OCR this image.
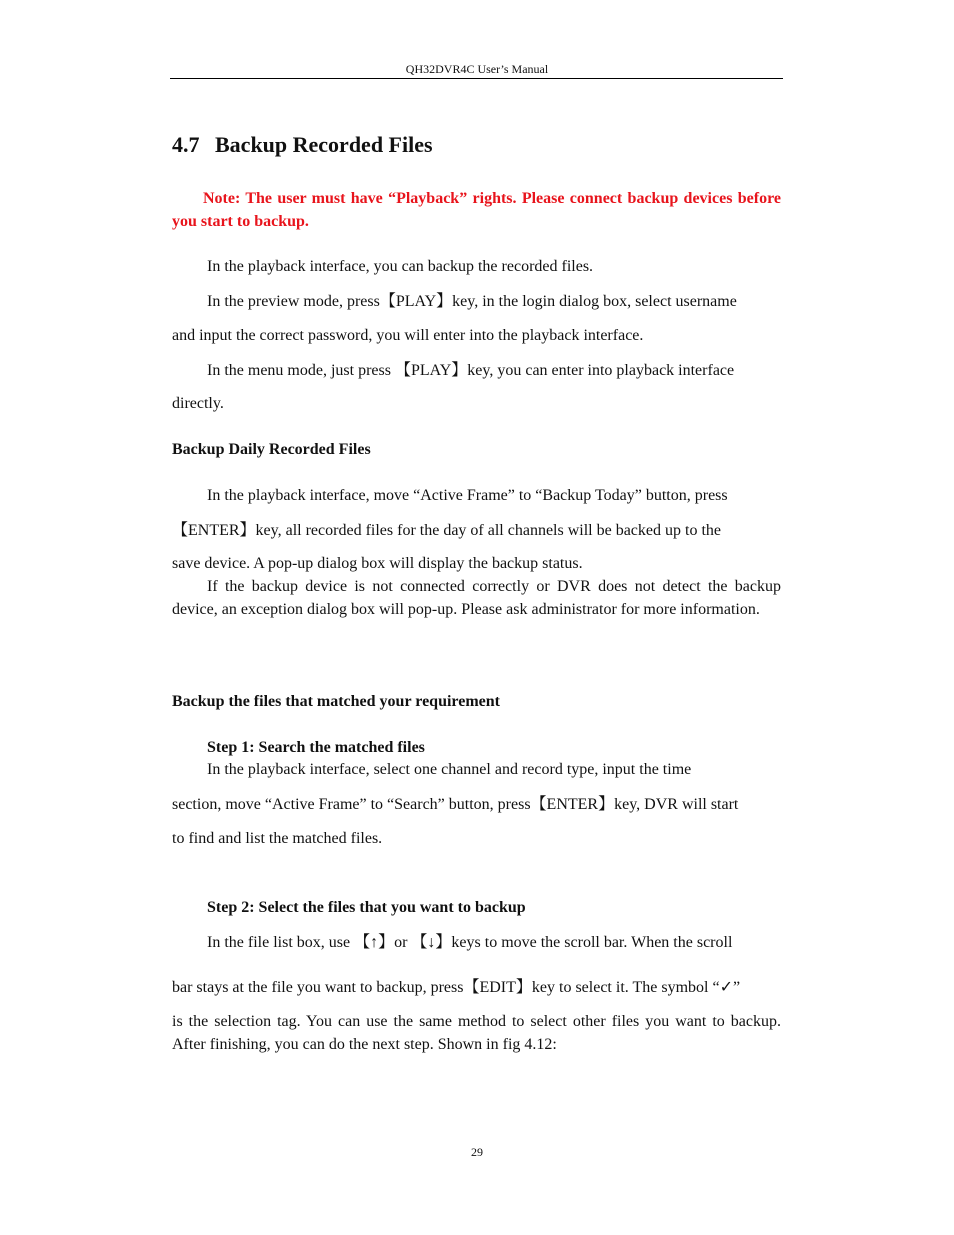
QH32DVR4C User’s Manual
4.7 Backup Recorded Files
Note: The user must have “Playback” rights. Please connect backup devices before you start to backup.
In the playback interface, you can backup the recorded files.
In the preview mode, press【PLAY】key, in the login dialog box, select username
and input the correct password, you will enter into the playback interface.
In the menu mode, just press 【PLAY】key, you can enter into playback interface
directly.
Backup Daily Recorded Files
In the playback interface, move “Active Frame” to “Backup Today” button, press
【ENTER】key, all recorded files for the day of all channels will be backed up to the
save device. A pop-up dialog box will display the backup status.
If the backup device is not connected correctly or DVR does not detect the backup device, an exception dialog box will pop-up. Please ask administrator for more information.
Backup the files that matched your requirement
Step 1: Search the matched files
In the playback interface, select one channel and record type, input the time
section, move “Active Frame” to “Search” button, press【ENTER】key, DVR will start
to find and list the matched files.
Step 2: Select the files that you want to backup
In the file list box, use 【↑】or 【↓】keys to move the scroll bar. When the scroll
bar stays at the file you want to backup, press【EDIT】key to select it. The symbol “✓”
is the selection tag. You can use the same method to select other files you want to backup. After finishing, you can do the next step. Shown in fig 4.12:
29
